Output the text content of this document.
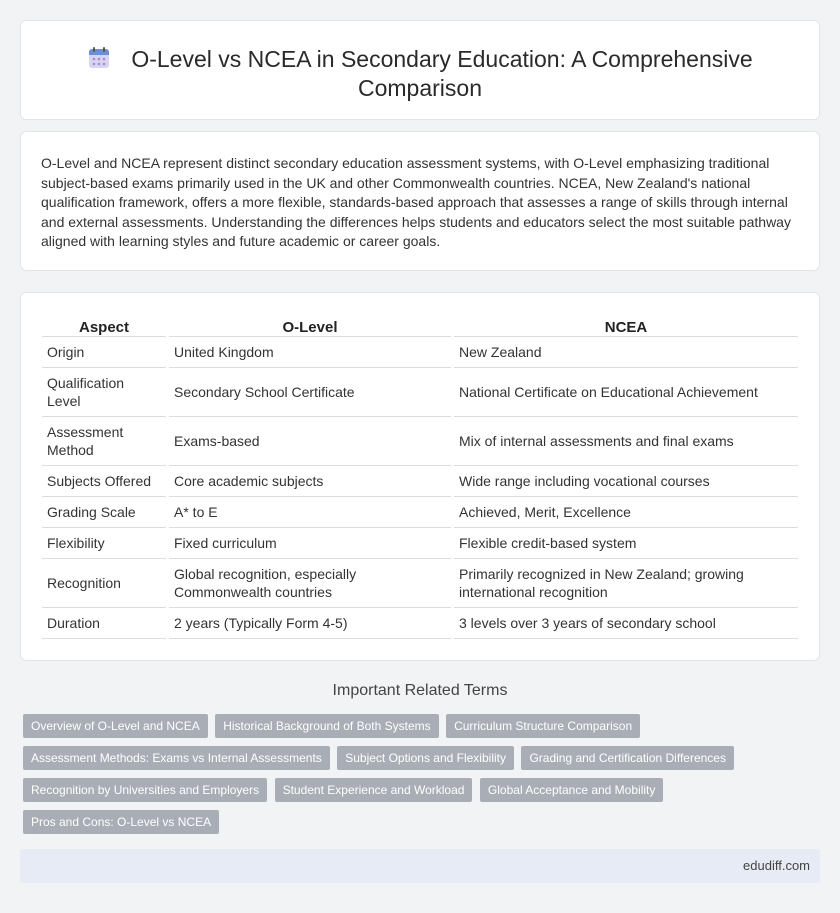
O-Level vs NCEA in Secondary Education: A Comprehensive Comparison

O-Level and NCEA represent distinct secondary education assessment systems, with O-Level emphasizing traditional subject-based exams primarily used in the UK and other Commonwealth countries. NCEA, New Zealand's national qualification framework, offers a more flexible, standards-based approach that assesses a range of skills through internal and external assessments. Understanding the differences helps students and educators select the most suitable pathway aligned with learning styles and future academic or career goals.

Aspect	O-Level	NCEA
Origin	United Kingdom	New Zealand
Qualification Level	Secondary School Certificate	National Certificate on Educational Achievement
Assessment Method	Exams-based	Mix of internal assessments and final exams
Subjects Offered	Core academic subjects	Wide range including vocational courses
Grading Scale	A* to E	Achieved, Merit, Excellence
Flexibility	Fixed curriculum	Flexible credit-based system
Recognition	Global recognition, especially Commonwealth countries	Primarily recognized in New Zealand; growing international recognition
Duration	2 years (Typically Form 4-5)	3 levels over 3 years of secondary school
Important Related Terms
Overview of O-Level and NCEA Historical Background of Both Systems Curriculum Structure Comparison Assessment Methods: Exams vs Internal Assessments Subject Options and Flexibility Grading and Certification Differences Recognition by Universities and Employers Student Experience and Workload Global Acceptance and Mobility Pros and Cons: O-Level vs NCEA
edudiff.com
